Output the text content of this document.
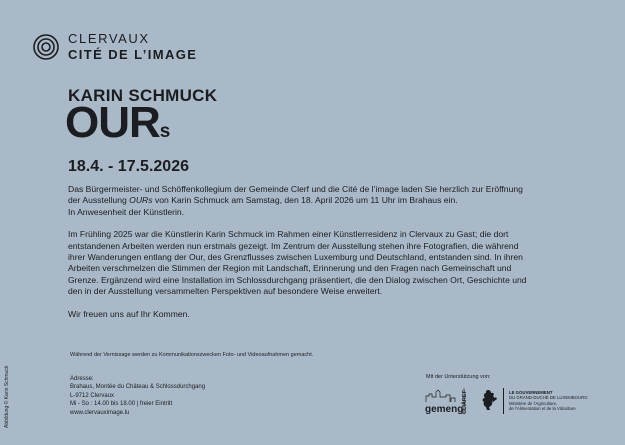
CLERVAUX
CITÉ DE L’IMAGE
KARIN SCHMUCK
OURs
18.4. - 17.5.2026

Das Bürgermeister- und Schöffenkollegium der Gemeinde Clerf und die Cité de l’image laden Sie herzlich zur Eröffnung

der Ausstellung OURs von Karin Schmuck am Samstag, den 18. April 2026 um 11 Uhr im Brahaus ein.

In Anwesenheit der Künstlerin.

Im Frühling 2025 war die Künstlerin Karin Schmuck im Rahmen einer Künstlerresidenz in Clervaux zu Gast; die dort

entstandenen Arbeiten werden nun erstmals gezeigt. Im Zentrum der Ausstellung stehen ihre Fotografien, die während

ihrer Wanderungen entlang der Our, des Grenzflusses zwischen Luxemburg und Deutschland, entstanden sind. In ihren

Arbeiten verschmelzen die Stimmen der Region mit Landschaft, Erinnerung und den Fragen nach Gemeinschaft und

Grenze. Ergänzend wird eine Installation im Schlossdurchgang präsentiert, die den Dialog zwischen Ort, Geschichte und

den in der Ausstellung versammelten Perspektiven auf besondere Weise erweitert.

Wir freuen uns auf Ihr Kommen.

Während der Vernissage werden zu Kommunikationszwecken Foto- und Videoaufnahmen gemacht.
Adresse:
Brahaus, Montée du Château & Schlossdurchgang
L-9712 Clervaux
Mi - So : 14.00 bis 18.00 | freier Eintritt
www.clervauximage.lu
Abbildung © Karin Schmuck	Mit der Unterstützung von:
gemeng
CLIÄREF	LE GOUVERNEMENT
DU GRAND-DUCHÉ DE LUXEMBOURG
Ministère de l’Agriculture,
de l’Alimentation et de la Viticulture
